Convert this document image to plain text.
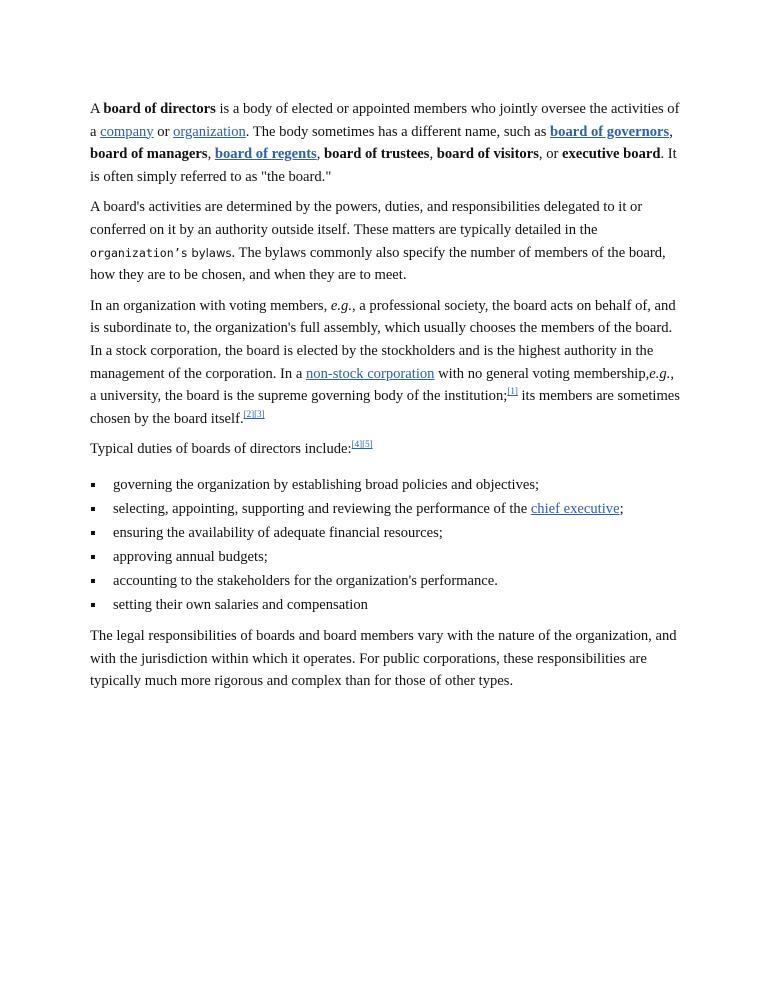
A board of directors is a body of elected or appointed members who jointly oversee the activities of a company or organization. The body sometimes has a different name, such as board of governors, board of managers, board of regents, board of trustees, board of visitors, or executive board. It is often simply referred to as "the board."

A board's activities are determined by the powers, duties, and responsibilities delegated to it or conferred on it by an authority outside itself. These matters are typically detailed in the organization’s bylaws. The bylaws commonly also specify the number of members of the board, how they are to be chosen, and when they are to meet.

In an organization with voting members, e.g., a professional society, the board acts on behalf of, and is subordinate to, the organization's full assembly, which usually chooses the members of the board. In a stock corporation, the board is elected by the stockholders and is the highest authority in the management of the corporation. In a non-stock corporation with no general voting membership,e.g., a university, the board is the supreme governing body of the institution;[1] its members are sometimes chosen by the board itself.[2][3]

Typical duties of boards of directors include:[4][5]

governing the organization by establishing broad policies and objectives;
selecting, appointing, supporting and reviewing the performance of the chief executive;
ensuring the availability of adequate financial resources;
approving annual budgets;
accounting to the stakeholders for the organization's performance.
setting their own salaries and compensation

The legal responsibilities of boards and board members vary with the nature of the organization, and with the jurisdiction within which it operates. For public corporations, these responsibilities are typically much more rigorous and complex than for those of other types.
